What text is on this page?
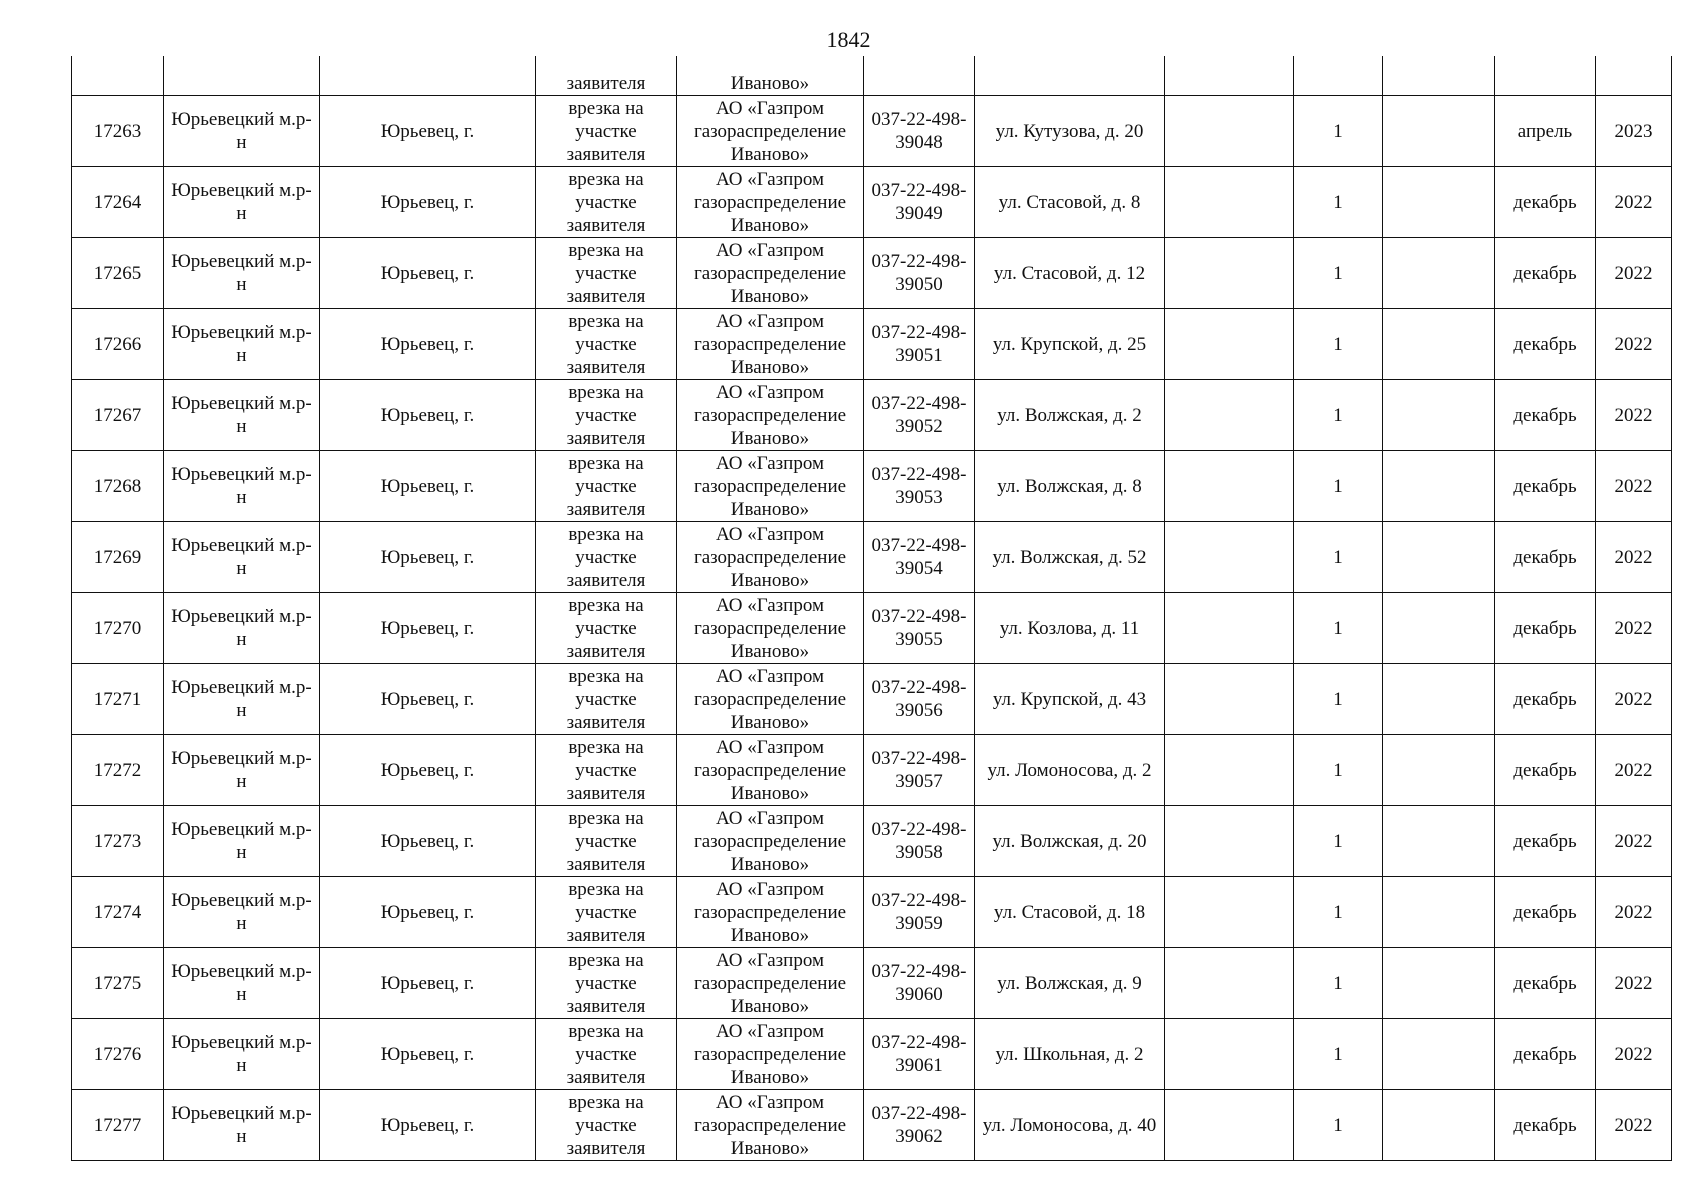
1842
			заявителя	Иваново»							
17263	Юрьевецкий м.р-н	Юрьевец, г.	врезка на участке заявителя	АО «Газпром газораспределение Иваново»	037-22-498-39048	ул. Кутузова, д. 20		1		апрель	2023
17264	Юрьевецкий м.р-н	Юрьевец, г.	врезка на участке заявителя	АО «Газпром газораспределение Иваново»	037-22-498-39049	ул. Стасовой, д. 8		1		декабрь	2022
17265	Юрьевецкий м.р-н	Юрьевец, г.	врезка на участке заявителя	АО «Газпром газораспределение Иваново»	037-22-498-39050	ул. Стасовой, д. 12		1		декабрь	2022
17266	Юрьевецкий м.р-н	Юрьевец, г.	врезка на участке заявителя	АО «Газпром газораспределение Иваново»	037-22-498-39051	ул. Крупской, д. 25		1		декабрь	2022
17267	Юрьевецкий м.р-н	Юрьевец, г.	врезка на участке заявителя	АО «Газпром газораспределение Иваново»	037-22-498-39052	ул. Волжская, д. 2		1		декабрь	2022
17268	Юрьевецкий м.р-н	Юрьевец, г.	врезка на участке заявителя	АО «Газпром газораспределение Иваново»	037-22-498-39053	ул. Волжская, д. 8		1		декабрь	2022
17269	Юрьевецкий м.р-н	Юрьевец, г.	врезка на участке заявителя	АО «Газпром газораспределение Иваново»	037-22-498-39054	ул. Волжская, д. 52		1		декабрь	2022
17270	Юрьевецкий м.р-н	Юрьевец, г.	врезка на участке заявителя	АО «Газпром газораспределение Иваново»	037-22-498-39055	ул. Козлова, д. 11		1		декабрь	2022
17271	Юрьевецкий м.р-н	Юрьевец, г.	врезка на участке заявителя	АО «Газпром газораспределение Иваново»	037-22-498-39056	ул. Крупской, д. 43		1		декабрь	2022
17272	Юрьевецкий м.р-н	Юрьевец, г.	врезка на участке заявителя	АО «Газпром газораспределение Иваново»	037-22-498-39057	ул. Ломоносова, д. 2		1		декабрь	2022
17273	Юрьевецкий м.р-н	Юрьевец, г.	врезка на участке заявителя	АО «Газпром газораспределение Иваново»	037-22-498-39058	ул. Волжская, д. 20		1		декабрь	2022
17274	Юрьевецкий м.р-н	Юрьевец, г.	врезка на участке заявителя	АО «Газпром газораспределение Иваново»	037-22-498-39059	ул. Стасовой, д. 18		1		декабрь	2022
17275	Юрьевецкий м.р-н	Юрьевец, г.	врезка на участке заявителя	АО «Газпром газораспределение Иваново»	037-22-498-39060	ул. Волжская, д. 9		1		декабрь	2022
17276	Юрьевецкий м.р-н	Юрьевец, г.	врезка на участке заявителя	АО «Газпром газораспределение Иваново»	037-22-498-39061	ул. Школьная, д. 2		1		декабрь	2022
17277	Юрьевецкий м.р-н	Юрьевец, г.	врезка на участке заявителя	АО «Газпром газораспределение Иваново»	037-22-498-39062	ул. Ломоносова, д. 40		1		декабрь	2022
